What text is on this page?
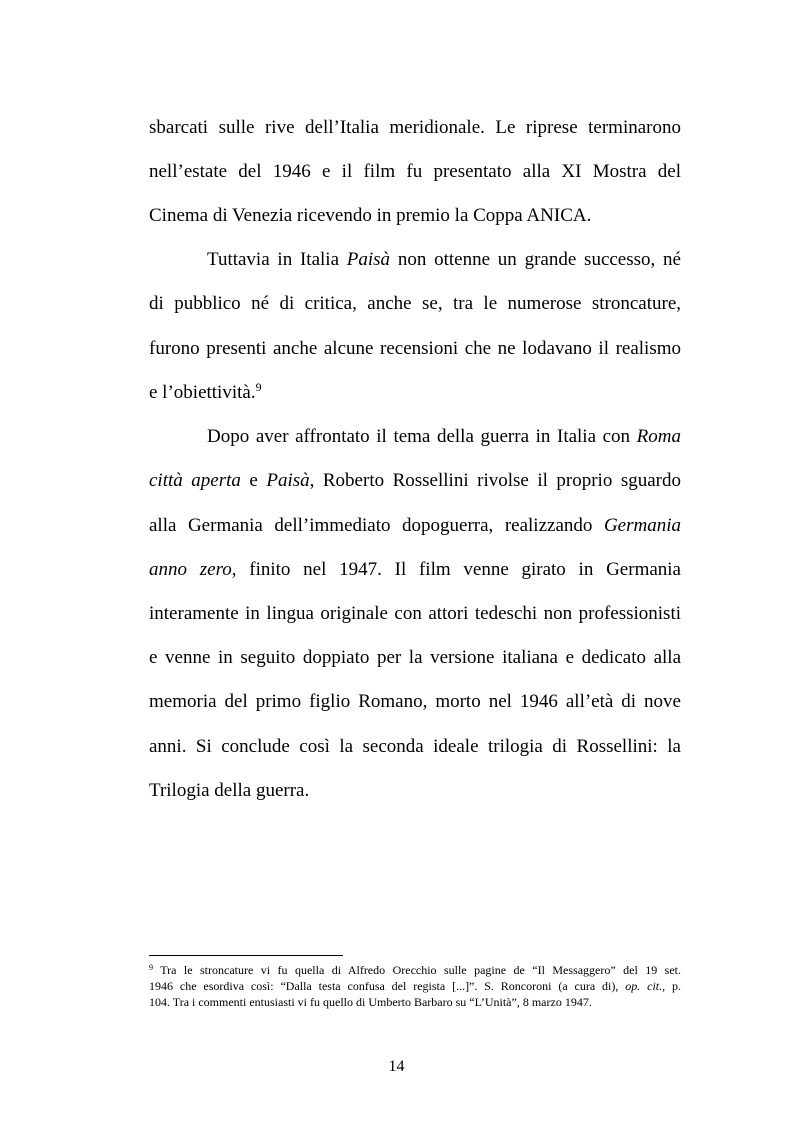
sbarcati sulle rive dell’Italia meridionale. Le riprese terminarono
nell’estate del 1946 e il film fu presentato alla XI Mostra del
Cinema di Venezia ricevendo in premio la Coppa ANICA.
Tuttavia in Italia Paisà non ottenne un grande successo, né
di pubblico né di critica, anche se, tra le numerose stroncature,
furono presenti anche alcune recensioni che ne lodavano il realismo
e l’obiettività.$^9$
Dopo aver affrontato il tema della guerra in Italia con Roma
città aperta e Paisà, Roberto Rossellini rivolse il proprio sguardo
alla Germania dell’immediato dopoguerra, realizzando Germania
anno zero, finito nel 1947. Il film venne girato in Germania
interamente in lingua originale con attori tedeschi non professionisti
e venne in seguito doppiato per la versione italiana e dedicato alla
memoria del primo figlio Romano, morto nel 1946 all’età di nove
anni. Si conclude così la seconda ideale trilogia di Rossellini: la
Trilogia della guerra.
$^9$ Tra le stroncature vi fu quella di Alfredo Orecchio sulle pagine de “Il Messaggero” del 19 set.
1946 che esordiva così: “Dalla testa confusa del regista [...]”. S. Roncoroni (a cura di), op. cit., p.
104. Tra i commenti entusiasti vi fu quello di Umberto Barbaro su “L’Unità”, 8 marzo 1947.
14
